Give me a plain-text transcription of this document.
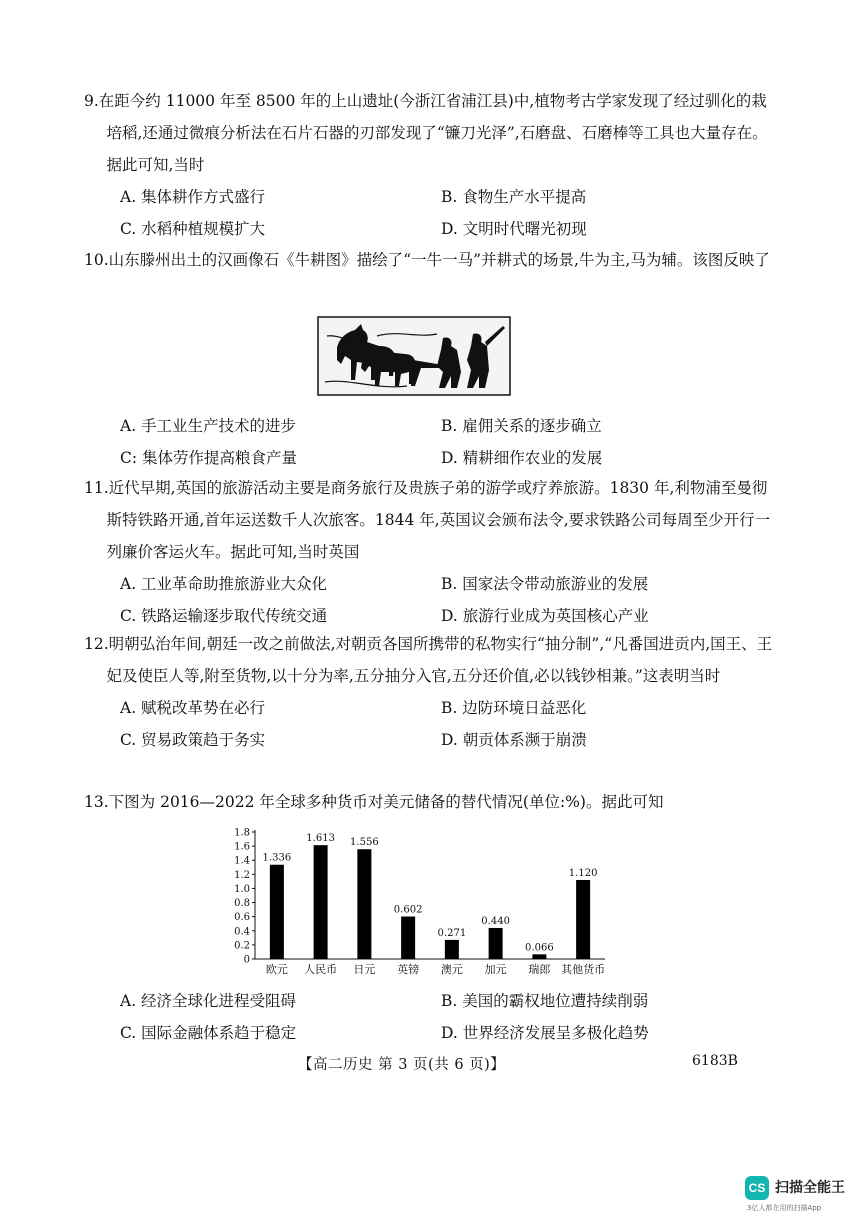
9.在距今约 11000 年至 8500 年的上山遗址(今浙江省浦江县)中,植物考古学家发现了经过驯化的栽培稻,还通过微痕分析法在石片石器的刃部发现了“镰刀光泽”,石磨盘、石磨棒等工具也大量存在。据此可知,当时
A. 集体耕作方式盛行	B. 食物生产水平提高
C. 水稻种植规模扩大	D. 文明时代曙光初现
10.山东滕州出土的汉画像石《牛耕图》描绘了“一牛一马”并耕式的场景,牛为主,马为辅。该图反映了
A. 手工业生产技术的进步	B. 雇佣关系的逐步确立
C: 集体劳作提高粮食产量	D. 精耕细作农业的发展
11.近代早期,英国的旅游活动主要是商务旅行及贵族子弟的游学或疗养旅游。1830 年,利物浦至曼彻斯特铁路开通,首年运送数千人次旅客。1844 年,英国议会颁布法令,要求铁路公司每周至少开行一列廉价客运火车。据此可知,当时英国
A. 工业革命助推旅游业大众化	B. 国家法令带动旅游业的发展
C. 铁路运输逐步取代传统交通	D. 旅游行业成为英国核心产业
12.明朝弘治年间,朝廷一改之前做法,对朝贡各国所携带的私物实行“抽分制”,“凡番国进贡内,国王、王妃及使臣人等,附至货物,以十分为率,五分抽分入官,五分还价值,必以钱钞相兼。”这表明当时
A. 赋税改革势在必行	B. 边防环境日益恶化
C. 贸易政策趋于务实	D. 朝贡体系濒于崩溃
13.下图为 2016—2022 年全球多种货币对美元储备的替代情况(单位:%)。据此可知
0
0.2
0.4
0.6
0.8
1.0
1.2
1.4
1.6
1.8
1.336
欧元
1.613
人民币
1.556
日元
0.602
英镑
0.271
澳元
0.440
加元
0.066
瑞郎
1.120
其他货币
A. 经济全球化进程受阻碍	B. 美国的霸权地位遭持续削弱
C. 国际金融体系趋于稳定	D. 世界经济发展呈多极化趋势
【高二历史 第 3 页(共 6 页)】	6183B
CS 扫描全能王
3亿人都在用的扫描App
